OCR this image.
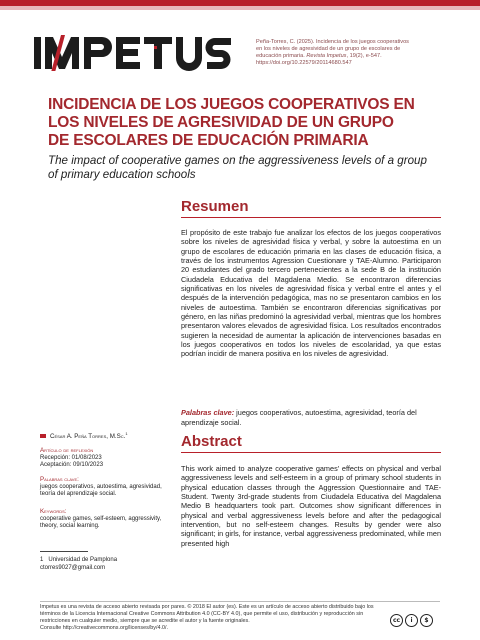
Peña-Torres, C. (2025). Incidencia de los juegos cooperativos
en los niveles de agresividad de un grupo de escolares de
educación primaria. Revista Impetus, 19(2), e-547.
https://doi.org/10.22579/20114680.547
INCIDENCIA DE LOS JUEGOS COOPERATIVOS EN LOS NIVELES DE AGRESIVIDAD DE UN GRUPO DE ESCOLARES DE EDUCACIÓN PRIMARIA
The impact of cooperative games on the aggressiveness levels of a group of primary education schools
Resumen
El propósito de este trabajo fue analizar los efectos de los juegos cooperativos sobre los niveles de agresividad física y verbal, y sobre la autoestima en un grupo de escolares de educación primaria en las clases de educación física, a través de los instrumentos Agression Cuestionare y TAE-Alumno. Participaron 20 estudiantes del grado tercero pertenecientes a la sede B de la institución Ciudadela Educativa del Magdalena Medio. Se encontraron diferencias significativas en los niveles de agresividad física y verbal entre el antes y el después de la intervención pedagógica, mas no se presentaron cambios en los niveles de autoestima. También se encontraron diferencias significativas por género, en las niñas predominó la agresividad verbal, mientras que los hombres presentaron valores elevados de agresividad física. Los resultados encontrados sugieren la necesidad de aumentar la aplicación de intervenciones basadas en los juegos cooperativos en todos los niveles de escolaridad, ya que estas podrían incidir de manera positiva en los niveles de agresividad.
Palabras clave: juegos cooperativos, autoestima, agresividad, teoría del aprendizaje social.
Abstract
This work aimed to analyze cooperative games' effects on physical and verbal aggressiveness levels and self-esteem in a group of primary school students in physical education classes through the Aggression Questionnaire and TAE- Student. Twenty 3rd-grade students from Ciudadela Educativa del Magdalena Medio B headquarters took part. Outcomes show significant differences in physical and verbal aggressiveness levels before and after the pedagogical intervention, but no self-esteem changes. Results by gender were also significant; in girls, for instance, verbal aggressiveness predominated, while men presented high
César A. Peña Torres, M.Sc.$^1$
Artículo de reflexión
Recepción: 01/08/2023
Aceptación: 09/10/2023
Palabras clave:
juegos cooperativos, autoestima, agresividad, teoría del aprendizaje social.
Keywords:
cooperative games, self-esteem, aggressivity, theory, social learning.
1 Universidad de Pamplona
ctorres9027@gmail.com
Impetus es una revista de acceso abierto revisada por pares. © 2018 El autor (es). Este es un artículo de acceso abierto distribuido bajo los términos de la Licencia Internacional Creative Commons Attribution 4.0 (CC-BY 4.0), que permite el uso, distribución y reproducción sin restricciones en cualquier medio, siempre que se acredite el autor y la fuente originales.
Consulte http://creativecommons.org/licenses/by/4.0/.
cc	i	$
